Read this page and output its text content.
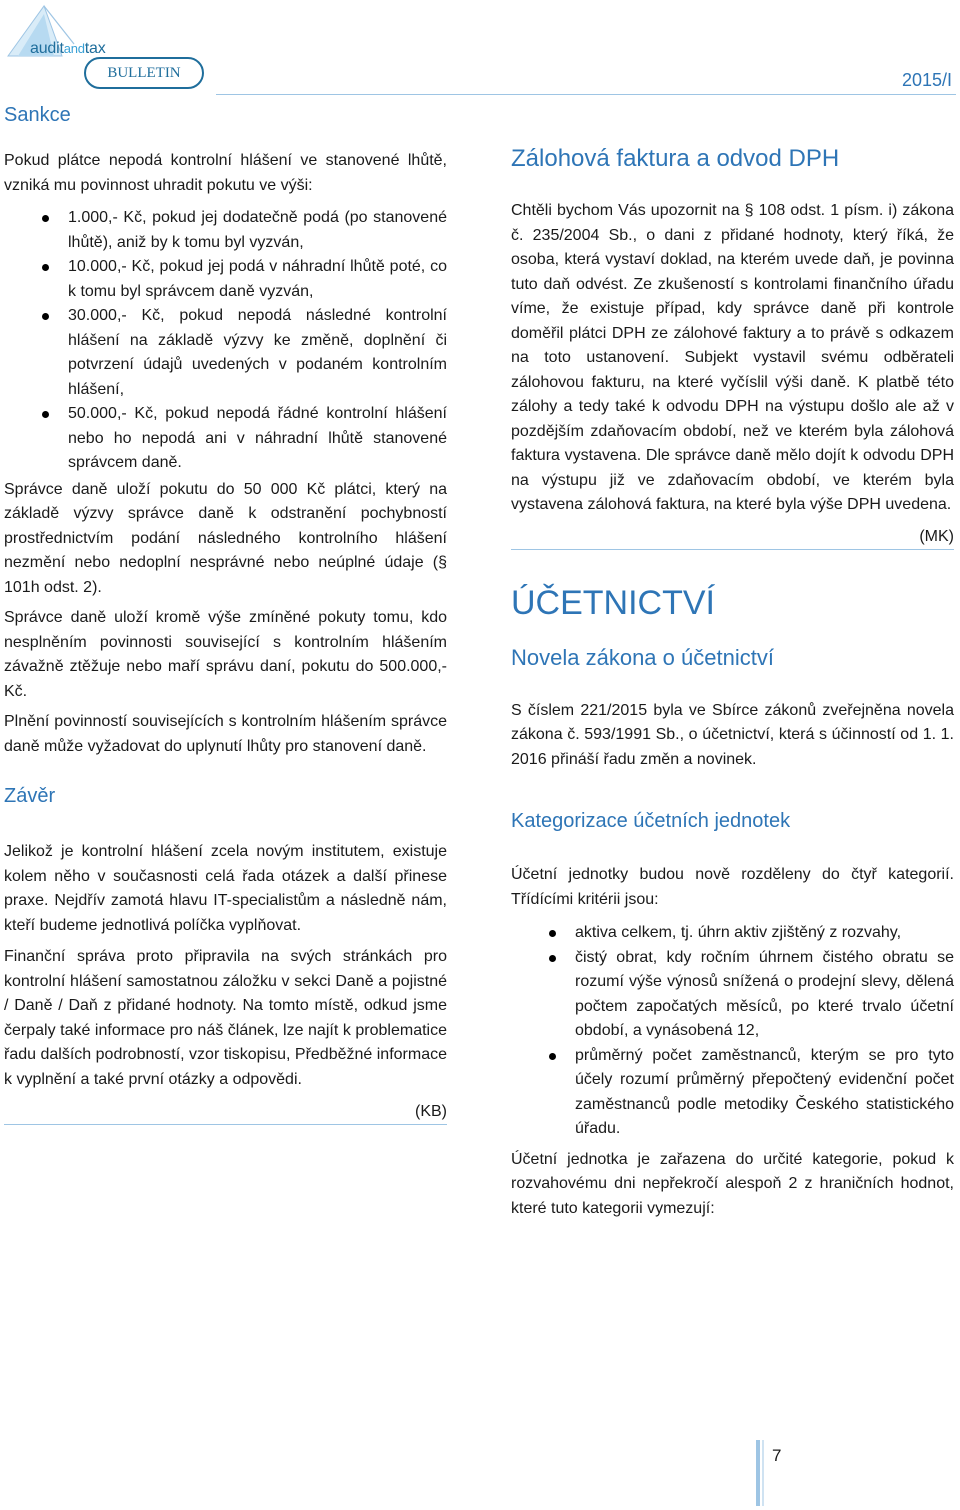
auditandtax
BULLETIN	2015/I
Sankce

Pokud plátce nepodá kontrolní hlášení ve stanovené lhůtě, vzniká mu povinnost uhradit pokutu ve výši:

1.000,- Kč, pokud jej dodatečně podá (po stanovené lhůtě), aniž by k tomu byl vyzván,
10.000,- Kč, pokud jej podá v náhradní lhůtě poté, co k tomu byl správcem daně vyzván,
30.000,- Kč, pokud nepodá následné kontrolní hlášení na základě výzvy ke změně, doplnění či potvrzení údajů uvedených v podaném kontrolním hlášení,
50.000,- Kč, pokud nepodá řádné kontrolní hlášení nebo ho nepodá ani v náhradní lhůtě stanovené správcem daně.

Správce daně uloží pokutu do 50 000 Kč plátci, který na základě výzvy správce daně k odstranění pochybností prostřednictvím podání následného kontrolního hlášení nezmění nebo nedoplní nesprávné nebo neúplné údaje (§ 101h odst. 2).

Správce daně uloží kromě výše zmíněné pokuty tomu, kdo nesplněním povinnosti související s kontrolním hlášením závažně ztěžuje nebo maří správu daní, pokutu do 500.000,- Kč.

Plnění povinností souvisejících s kontrolním hlášením správce daně může vyžadovat do uplynutí lhůty pro stanovení daně.

Závěr

Jelikož je kontrolní hlášení zcela novým institutem, existuje kolem něho v současnosti celá řada otázek a další přinese praxe. Nejdřív zamotá hlavu IT-specialistům a následně nám, kteří budeme jednotlivá políčka vyplňovat.

Finanční správa proto připravila na svých stránkách pro kontrolní hlášení samostatnou záložku v sekci Daně a pojistné / Daně / Daň z přidané hodnoty. Na tomto místě, odkud jsme čerpaly také informace pro náš článek, lze najít k problematice řadu dalších podrobností, vzor tiskopisu, Předběžné informace k vyplnění a také první otázky a odpovědi.

(KB)
Zálohová faktura a odvod DPH

Chtěli bychom Vás upozornit na § 108 odst. 1 písm. i) zákona č. 235/2004 Sb., o dani z přidané hodnoty, který říká, že osoba, která vystaví doklad, na kterém uvede daň, je povinna tuto daň odvést. Ze zkušeností s kontrolami finančního úřadu víme, že existuje případ, kdy správce daně při kontrole doměřil plátci DPH ze zálohové faktury a to právě s odkazem na toto ustanovení. Subjekt vystavil svému odběrateli zálohovou fakturu, na které vyčíslil výši daně. K platbě této zálohy a tedy také k odvodu DPH na výstupu došlo ale až v pozdějším zdaňovacím období, než ve kterém byla zálohová faktura vystavena. Dle správce daně mělo dojít k odvodu DPH na výstupu již ve zdaňovacím období, ve kterém byla vystavena zálohová faktura, na které byla výše DPH uvedena.

(MK)
ÚČETNICTVÍ
Novela zákona o účetnictví

S číslem 221/2015 byla ve Sbírce zákonů zveřejněna novela zákona č. 593/1991 Sb., o účetnictví, která s účinností od 1. 1. 2016 přináší řadu změn a novinek.

Kategorizace účetních jednotek

Účetní jednotky budou nově rozděleny do čtyř kategorií. Třídícími kritérii jsou:

aktiva celkem, tj. úhrn aktiv zjištěný z rozvahy,
čistý obrat, kdy ročním úhrnem čistého obratu se rozumí výše výnosů snížená o prodejní slevy, dělená počtem započatých měsíců, po které trvalo účetní období, a vynásobená 12,
průměrný počet zaměstnanců, kterým se pro tyto účely rozumí průměrný přepočtený evidenční počet zaměstnanců podle metodiky Českého statistického úřadu.

Účetní jednotka je zařazena do určité kategorie, pokud k rozvahovému dni nepřekročí alespoň 2 z hraničních hodnot, které tuto kategorii vymezují:

7
